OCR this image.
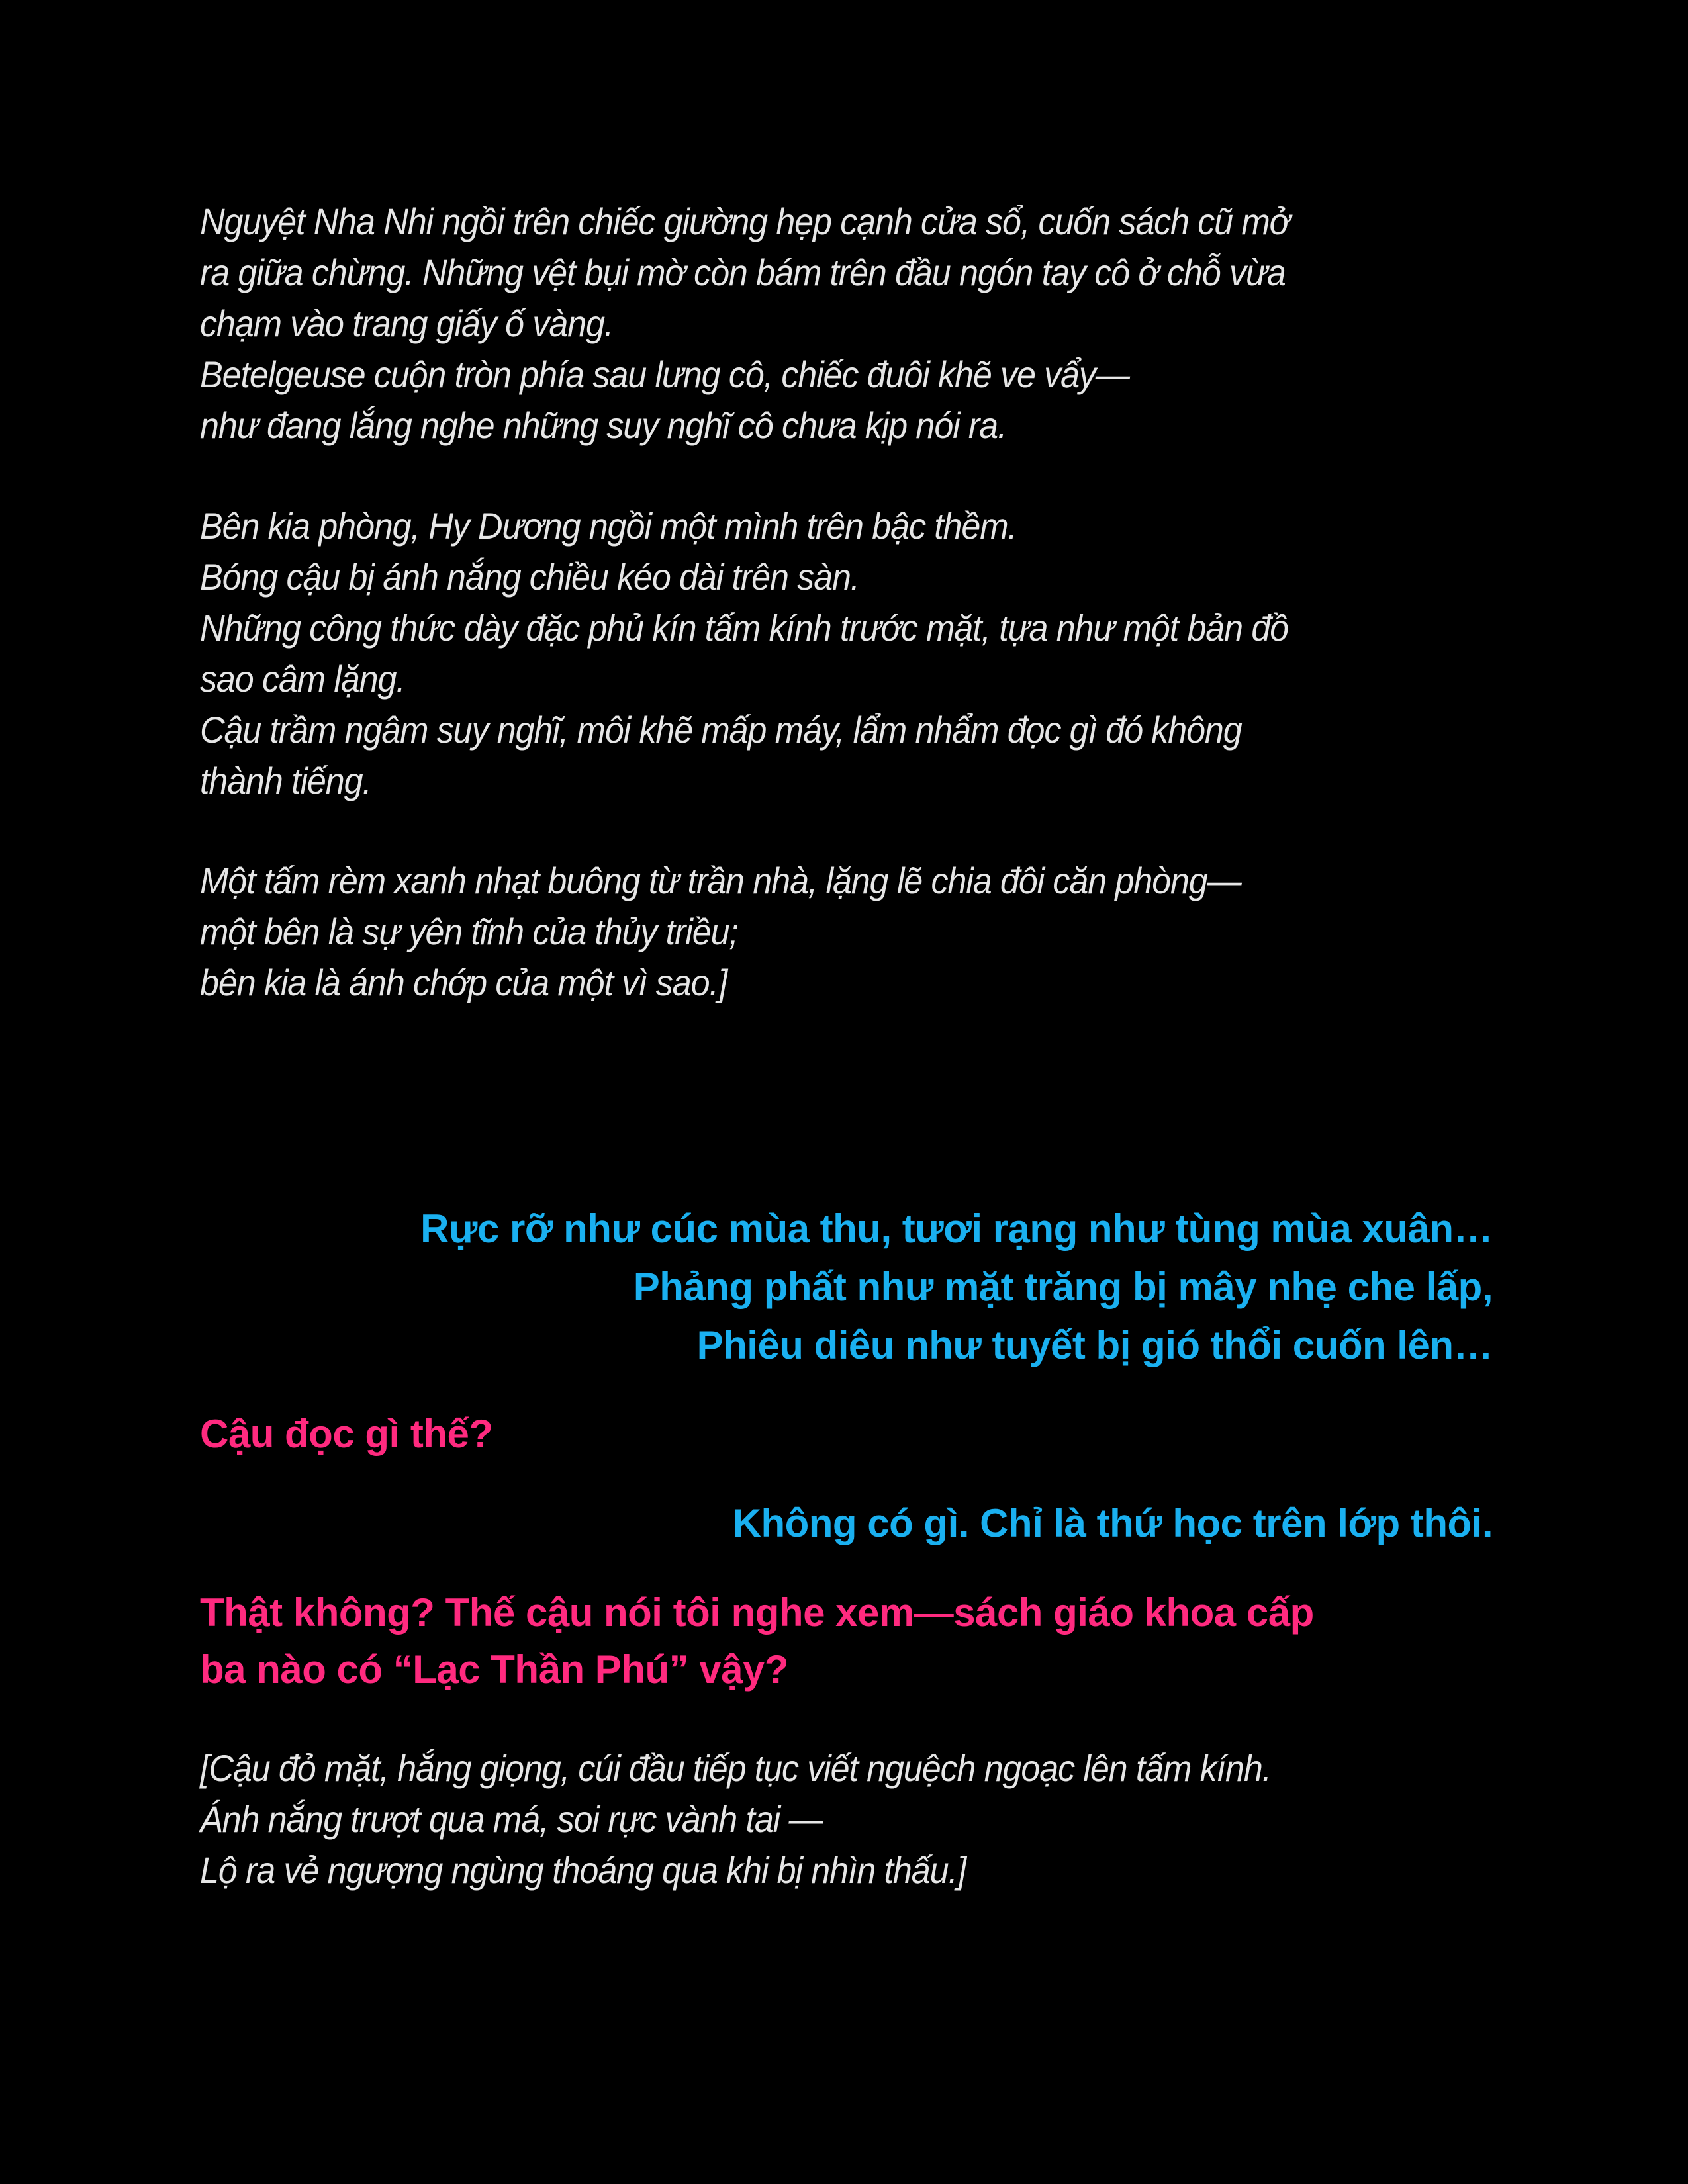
Nguyệt Nha Nhi ngồi trên chiếc giường hẹp cạnh cửa sổ, cuốn sách cũ mở
ra giữa chừng. Những vệt bụi mờ còn bám trên đầu ngón tay cô ở chỗ vừa
chạm vào trang giấy ố vàng.
Betelgeuse cuộn tròn phía sau lưng cô, chiếc đuôi khẽ ve vẩy—
như đang lắng nghe những suy nghĩ cô chưa kịp nói ra.
Bên kia phòng, Hy Dương ngồi một mình trên bậc thềm.
Bóng cậu bị ánh nắng chiều kéo dài trên sàn.
Những công thức dày đặc phủ kín tấm kính trước mặt, tựa như một bản đồ
sao câm lặng.
Cậu trầm ngâm suy nghĩ, môi khẽ mấp máy, lẩm nhẩm đọc gì đó không
thành tiếng.
Một tấm rèm xanh nhạt buông từ trần nhà, lặng lẽ chia đôi căn phòng—
một bên là sự yên tĩnh của thủy triều;
bên kia là ánh chớp của một vì sao.]
Rực rỡ như cúc mùa thu, tươi rạng như tùng mùa xuân…
Phảng phất như mặt trăng bị mây nhẹ che lấp,
Phiêu diêu như tuyết bị gió thổi cuốn lên…
Cậu đọc gì thế?
Không có gì. Chỉ là thứ học trên lớp thôi.
Thật không? Thế cậu nói tôi nghe xem—sách giáo khoa cấp
ba nào có “Lạc Thần Phú” vậy?
[Cậu đỏ mặt, hắng giọng, cúi đầu tiếp tục viết nguệch ngoạc lên tấm kính.
Ánh nắng trượt qua má, soi rực vành tai —
Lộ ra vẻ ngượng ngùng thoáng qua khi bị nhìn thấu.]
